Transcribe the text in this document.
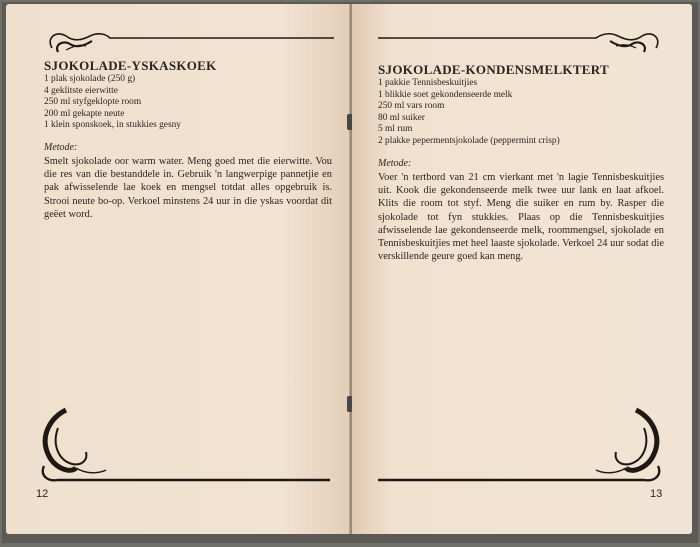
SJOKOLADE-YSKASKOEK
1 plak sjokolade (250 g)
4 geklitste eierwitte
250 ml styfgeklopte room
200 ml gekapte neute
1 klein sponskoek, in stukkies gesny

Metode:

Smelt sjokolade oor warm water. Meng goed met die eierwitte. Vou die res van die bestanddele in. Gebruik 'n langwerpige pannetjie en pak afwisselende lae koek en mengsel totdat alles opgebruik is. Strooi neute bo-op. Verkoel minstens 24 uur in die yskas voordat dit geëet word.

12
SJOKOLADE-KONDENSMELKTERT
1 pakkie Tennisbeskuitjies
1 blikkie soet gekondenseerde melk
250 ml vars room
80 ml suiker
5 ml rum
2 plakke pepermentsjokolade (peppermint crisp)

Metode:

Voer 'n tertbord van 21 cm vierkant met 'n lagie Tennisbeskuitjies uit. Kook die gekondenseerde melk twee uur lank en laat afkoel. Klits die room tot styf. Meng die suiker en rum by. Rasper die sjokolade tot fyn stukkies. Plaas op die Tennisbeskuitjies afwisselende lae gekondenseerde melk, roommengsel, sjokolade en Tennisbeskuitjies met heel laaste sjokolade. Verkoel 24 uur sodat die verskillende geure goed kan meng.

13
